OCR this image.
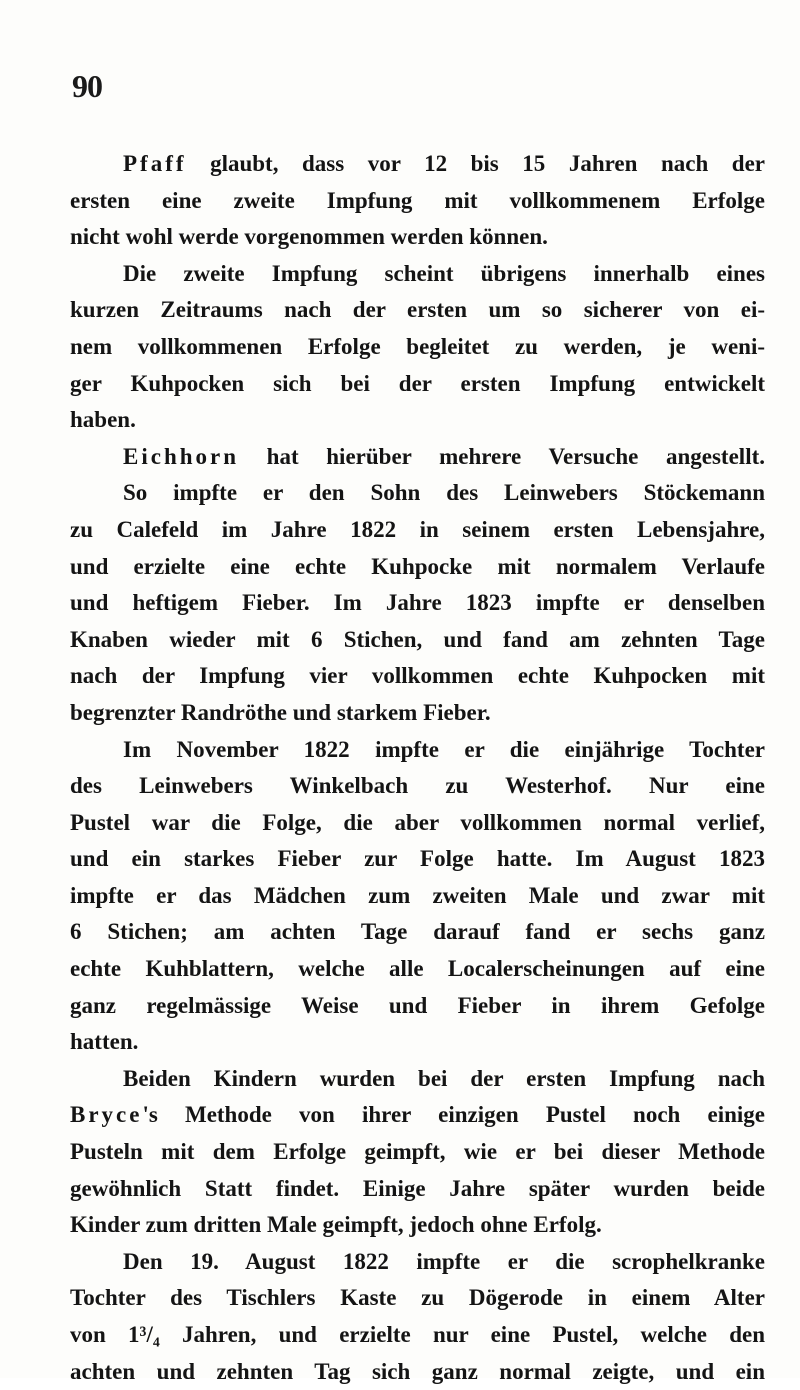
90
Pfaff glaubt, dass vor 12 bis 15 Jahren nach der
ersten eine zweite Impfung mit vollkommenem Erfolge
nicht wohl werde vorgenommen werden können.
Die zweite Impfung scheint übrigens innerhalb eines
kurzen Zeitraums nach der ersten um so sicherer von ei-
nem vollkommenen Erfolge begleitet zu werden, je weni-
ger Kuhpocken sich bei der ersten Impfung entwickelt
haben.
Eichhorn hat hierüber mehrere Versuche angestellt.
So impfte er den Sohn des Leinwebers Stöckemann
zu Calefeld im Jahre 1822 in seinem ersten Lebensjahre,
und erzielte eine echte Kuhpocke mit normalem Verlaufe
und heftigem Fieber. Im Jahre 1823 impfte er denselben
Knaben wieder mit 6 Stichen, und fand am zehnten Tage
nach der Impfung vier vollkommen echte Kuhpocken mit
begrenzter Randröthe und starkem Fieber.
Im November 1822 impfte er die einjährige Tochter
des Leinwebers Winkelbach zu Westerhof. Nur eine
Pustel war die Folge, die aber vollkommen normal verlief,
und ein starkes Fieber zur Folge hatte. Im August 1823
impfte er das Mädchen zum zweiten Male und zwar mit
6 Stichen; am achten Tage darauf fand er sechs ganz
echte Kuhblattern, welche alle Localerscheinungen auf eine
ganz regelmässige Weise und Fieber in ihrem Gefolge
hatten.
Beiden Kindern wurden bei der ersten Impfung nach
Bryce's Methode von ihrer einzigen Pustel noch einige
Pusteln mit dem Erfolge geimpft, wie er bei dieser Methode
gewöhnlich Statt findet. Einige Jahre später wurden beide
Kinder zum dritten Male geimpft, jedoch ohne Erfolg.
Den 19. August 1822 impfte er die scrophelkranke
Tochter des Tischlers Kaste zu Dögerode in einem Alter
von 1³/₄ Jahren, und erzielte nur eine Pustel, welche den
achten und zehnten Tag sich ganz normal zeigte, und ein
